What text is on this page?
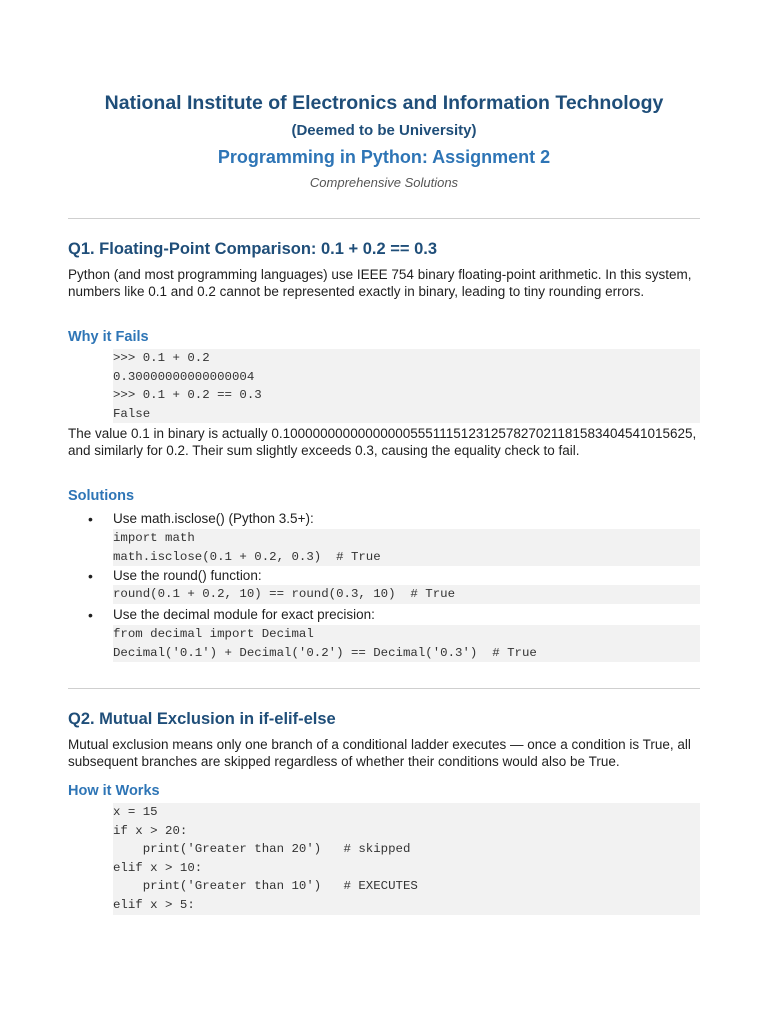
National Institute of Electronics and Information Technology
(Deemed to be University)
Programming in Python: Assignment 2
Comprehensive Solutions
Q1. Floating-Point Comparison: 0.1 + 0.2 == 0.3
Python (and most programming languages) use IEEE 754 binary floating-point arithmetic. In this system, numbers like 0.1 and 0.2 cannot be represented exactly in binary, leading to tiny rounding errors.
Why it Fails
>>> 0.1 + 0.2
0.30000000000000004
>>> 0.1 + 0.2 == 0.3
False
The value 0.1 in binary is actually 0.1000000000000000055511151231257827021181583404541015625, and similarly for 0.2. Their sum slightly exceeds 0.3, causing the equality check to fail.
Solutions
• Use math.isclose() (Python 3.5+):
import math
math.isclose(0.1 + 0.2, 0.3)  # True
• Use the round() function:
round(0.1 + 0.2, 10) == round(0.3, 10)  # True
• Use the decimal module for exact precision:
from decimal import Decimal
Decimal('0.1') + Decimal('0.2') == Decimal('0.3')  # True
Q2. Mutual Exclusion in if-elif-else
Mutual exclusion means only one branch of a conditional ladder executes — once a condition is True, all subsequent branches are skipped regardless of whether their conditions would also be True.
How it Works
x = 15
if x > 20:
print('Greater than 20')   # skipped
elif x > 10:
print('Greater than 10')   # EXECUTES
elif x > 5:
